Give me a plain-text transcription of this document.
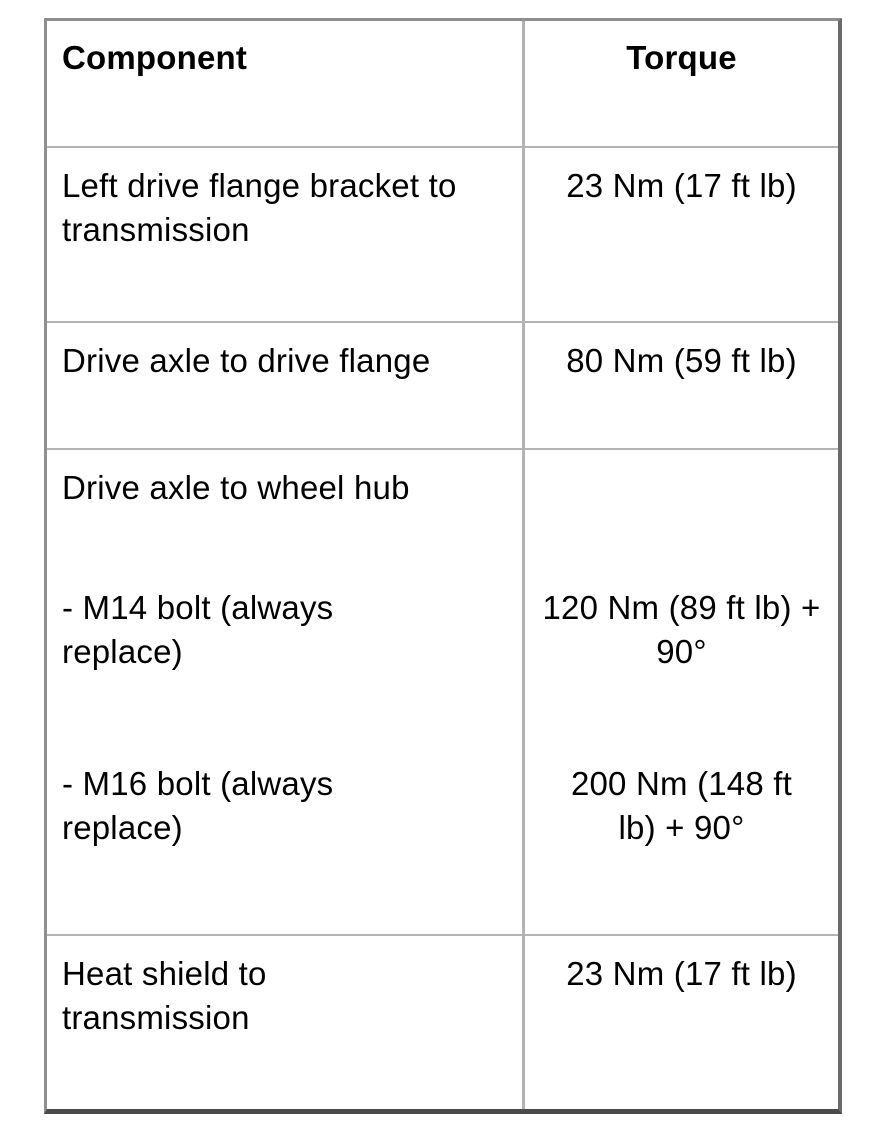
Component	Torque
Left drive flange bracket to transmission
23 Nm (17 ft lb)
Drive axle to drive flange	80 Nm (59 ft lb)
Drive axle to wheel hub
- M14 bolt (always replace)
- M16 bolt (always replace)
120 Nm (89 ft lb) + 90°
200 Nm (148 ft lb) + 90°
Heat shield to transmission
23 Nm (17 ft lb)
